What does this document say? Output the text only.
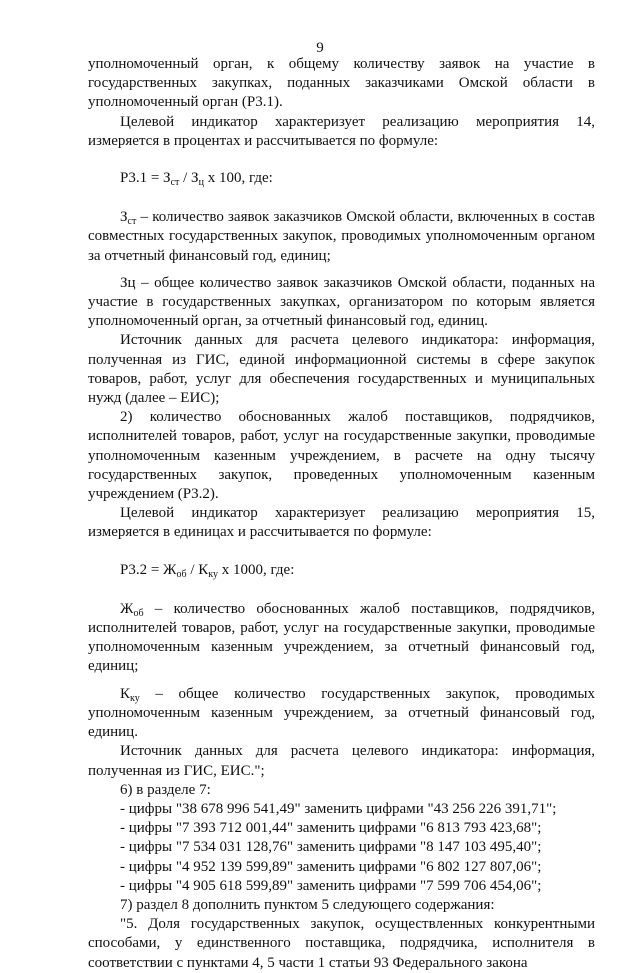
9

уполномоченный орган, к общему количеству заявок на участие в государственных закупках, поданных заказчиками Омской области в уполномоченный орган (Р3.1).

Целевой индикатор характеризует реализацию мероприятия 14, измеряется в процентах и рассчитывается по формуле:

$Р3.1 = З_{ст} / З_ц$ x 100, где:

$З_{ст}$ – количество заявок заказчиков Омской области, включенных в состав совместных государственных закупок, проводимых уполномоченным органом за отчетный финансовый год, единиц;

Зц – общее количество заявок заказчиков Омской области, поданных на участие в государственных закупках, организатором по которым является уполномоченный орган, за отчетный финансовый год, единиц.

Источник данных для расчета целевого индикатора: информация, полученная из ГИС, единой информационной системы в сфере закупок товаров, работ, услуг для обеспечения государственных и муниципальных нужд (далее – ЕИС);

2) количество обоснованных жалоб поставщиков, подрядчиков, исполнителей товаров, работ, услуг на государственные закупки, проводимые уполномоченным казенным учреждением, в расчете на одну тысячу государственных закупок, проведенных уполномоченным казенным учреждением (Р3.2).

Целевой индикатор характеризует реализацию мероприятия 15, измеряется в единицах и рассчитывается по формуле:

$Р3.2 = Ж_{об} / К_{ку}$ x 1000, где:

$Ж_{об}$ – количество обоснованных жалоб поставщиков, подрядчиков, исполнителей товаров, работ, услуг на государственные закупки, проводимые уполномоченным казенным учреждением, за отчетный финансовый год, единиц;

$К_{ку}$ – общее количество государственных закупок, проводимых уполномоченным казенным учреждением, за отчетный финансовый год, единиц.

Источник данных для расчета целевого индикатора: информация, полученная из ГИС, ЕИС.";

6) в разделе 7:

- цифры "38 678 996 541,49" заменить цифрами "43 256 226 391,71";

- цифры "7 393 712 001,44" заменить цифрами "6 813 793 423,68";

- цифры "7 534 031 128,76" заменить цифрами "8 147 103 495,40";

- цифры "4 952 139 599,89" заменить цифрами "6 802 127 807,06";

- цифры "4 905 618 599,89" заменить цифрами "7 599 706 454,06";

7) раздел 8 дополнить пунктом 5 следующего содержания:

"5. Доля государственных закупок, осуществленных конкурентными способами, у единственного поставщика, подрядчика, исполнителя в соответствии с пунктами 4, 5 части 1 статьи 93 Федерального закона
